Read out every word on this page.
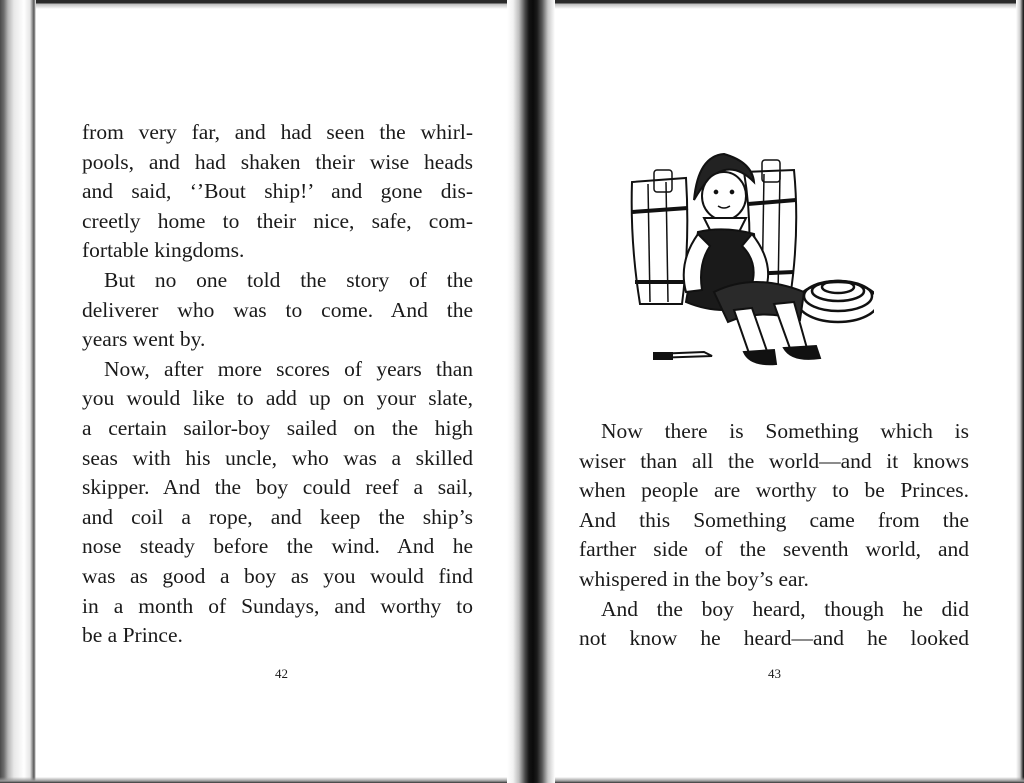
from very far, and had seen the whirl-
pools, and had shaken their wise heads
and said, ‘’Bout ship!’ and gone dis-
creetly home to their nice, safe, com-
fortable kingdoms.

But no one told the story of the
deliverer who was to come. And the
years went by.

Now, after more scores of years than
you would like to add up on your slate,
a certain sailor-boy sailed on the high
seas with his uncle, who was a skilled
skipper. And the boy could reef a sail,
and coil a rope, and keep the ship’s
nose steady before the wind. And he
was as good a boy as you would find
in a month of Sundays, and worthy to
be a Prince.

42

Now there is Something which is
wiser than all the world—and it knows
when people are worthy to be Princes.
And this Something came from the
farther side of the seventh world, and
whispered in the boy’s ear.

And the boy heard, though he did
not know he heard—and he looked

43
